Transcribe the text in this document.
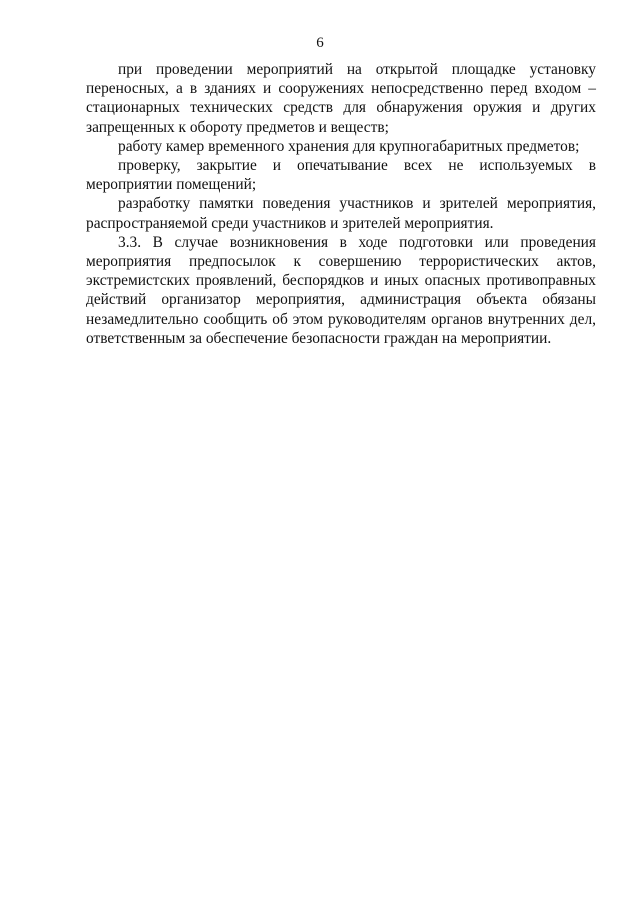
6

при проведении мероприятий на открытой площадке установку переносных, а в зданиях и сооружениях непосредственно перед входом – стационарных технических средств для обнаружения оружия и других запрещенных к обороту предметов и веществ;

работу камер временного хранения для крупногабаритных предметов;

проверку, закрытие и опечатывание всех не используемых в мероприятии помещений;

разработку памятки поведения участников и зрителей мероприятия, распространяемой среди участников и зрителей мероприятия.

3.3. В случае возникновения в ходе подготовки или проведения мероприятия предпосылок к совершению террористических актов, экстремистских проявлений, беспорядков и иных опасных противоправных действий организатор мероприятия, администрация объекта обязаны незамедлительно сообщить об этом руководителям органов внутренних дел, ответственным за обеспечение безопасности граждан на мероприятии.
